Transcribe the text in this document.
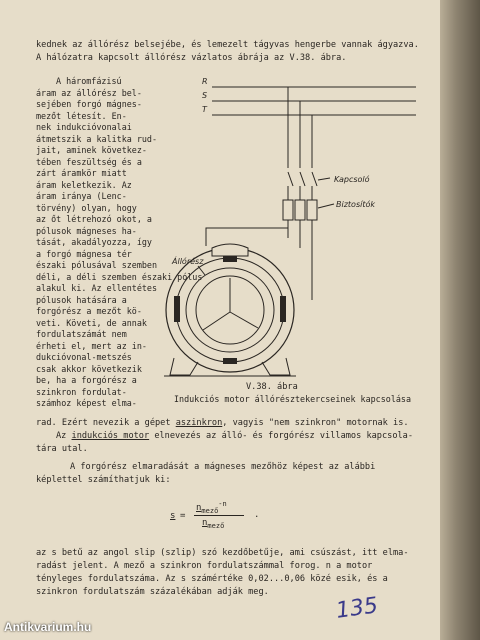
kednek az állórész belsejébe, és lemezelt tágyvas hengerbe vannak ágyazva.
A hálózatra kapcsolt állórész vázlatos ábrája az V.38. ábra.
A háromfázisú
áram az állórész bel-
sejében forgó mágnes-
mezőt létesít. En-
nek indukcióvonalai
átmetszik a kalitka rud-
jait, aminek következ-
tében feszültség és a
zárt áramkör miatt
áram keletkezik. Az
áram iránya (Lenc-
törvény) olyan, hogy
az őt létrehozó okot, a
pólusok mágneses ha-
tását, akadályozza, így
a forgó mágnesa tér
északi pólusával szemben
déli, a déli szemben északi pólus
alakul ki. Az ellentétes
pólusok hatására a
forgórész a mezőt kö-
veti. Követi, de annak
fordulatszámát nem
érheti el, mert az in-
dukcióvonal-metszés
csak akkor következik
be, ha a forgórész a
szinkron fordulat-
számhoz képest elma-
R
S
T
Kapcsoló
Biztosítók
Állórész
V.38. ábra
Indukciós motor állórésztekercseinek kapcsolása
rad. Ezért nevezik a gépet aszinkron, vagyis "nem szinkron" motornak is.
Az indukciós motor elnevezés az álló- és forgórész villamos kapcsola-
tára utal.
A forgórész elmaradását a mágneses mezőhöz képest az alábbi
képlettel számíthatjuk ki:
s =
$n_{mező}^{-n}$
$n_{mező}$
.
az s betű az angol slip (szlip) szó kezdőbetűje, ami csúszást, itt elma-
radást jelent. A mező a szinkron fordulatszámmal forog. n a motor
tényleges fordulatszáma. Az s számértéke 0,02...0,06 közé esik, és a
szinkron fordulatszám százalékában adják meg.
135
Antikvarium.hu
